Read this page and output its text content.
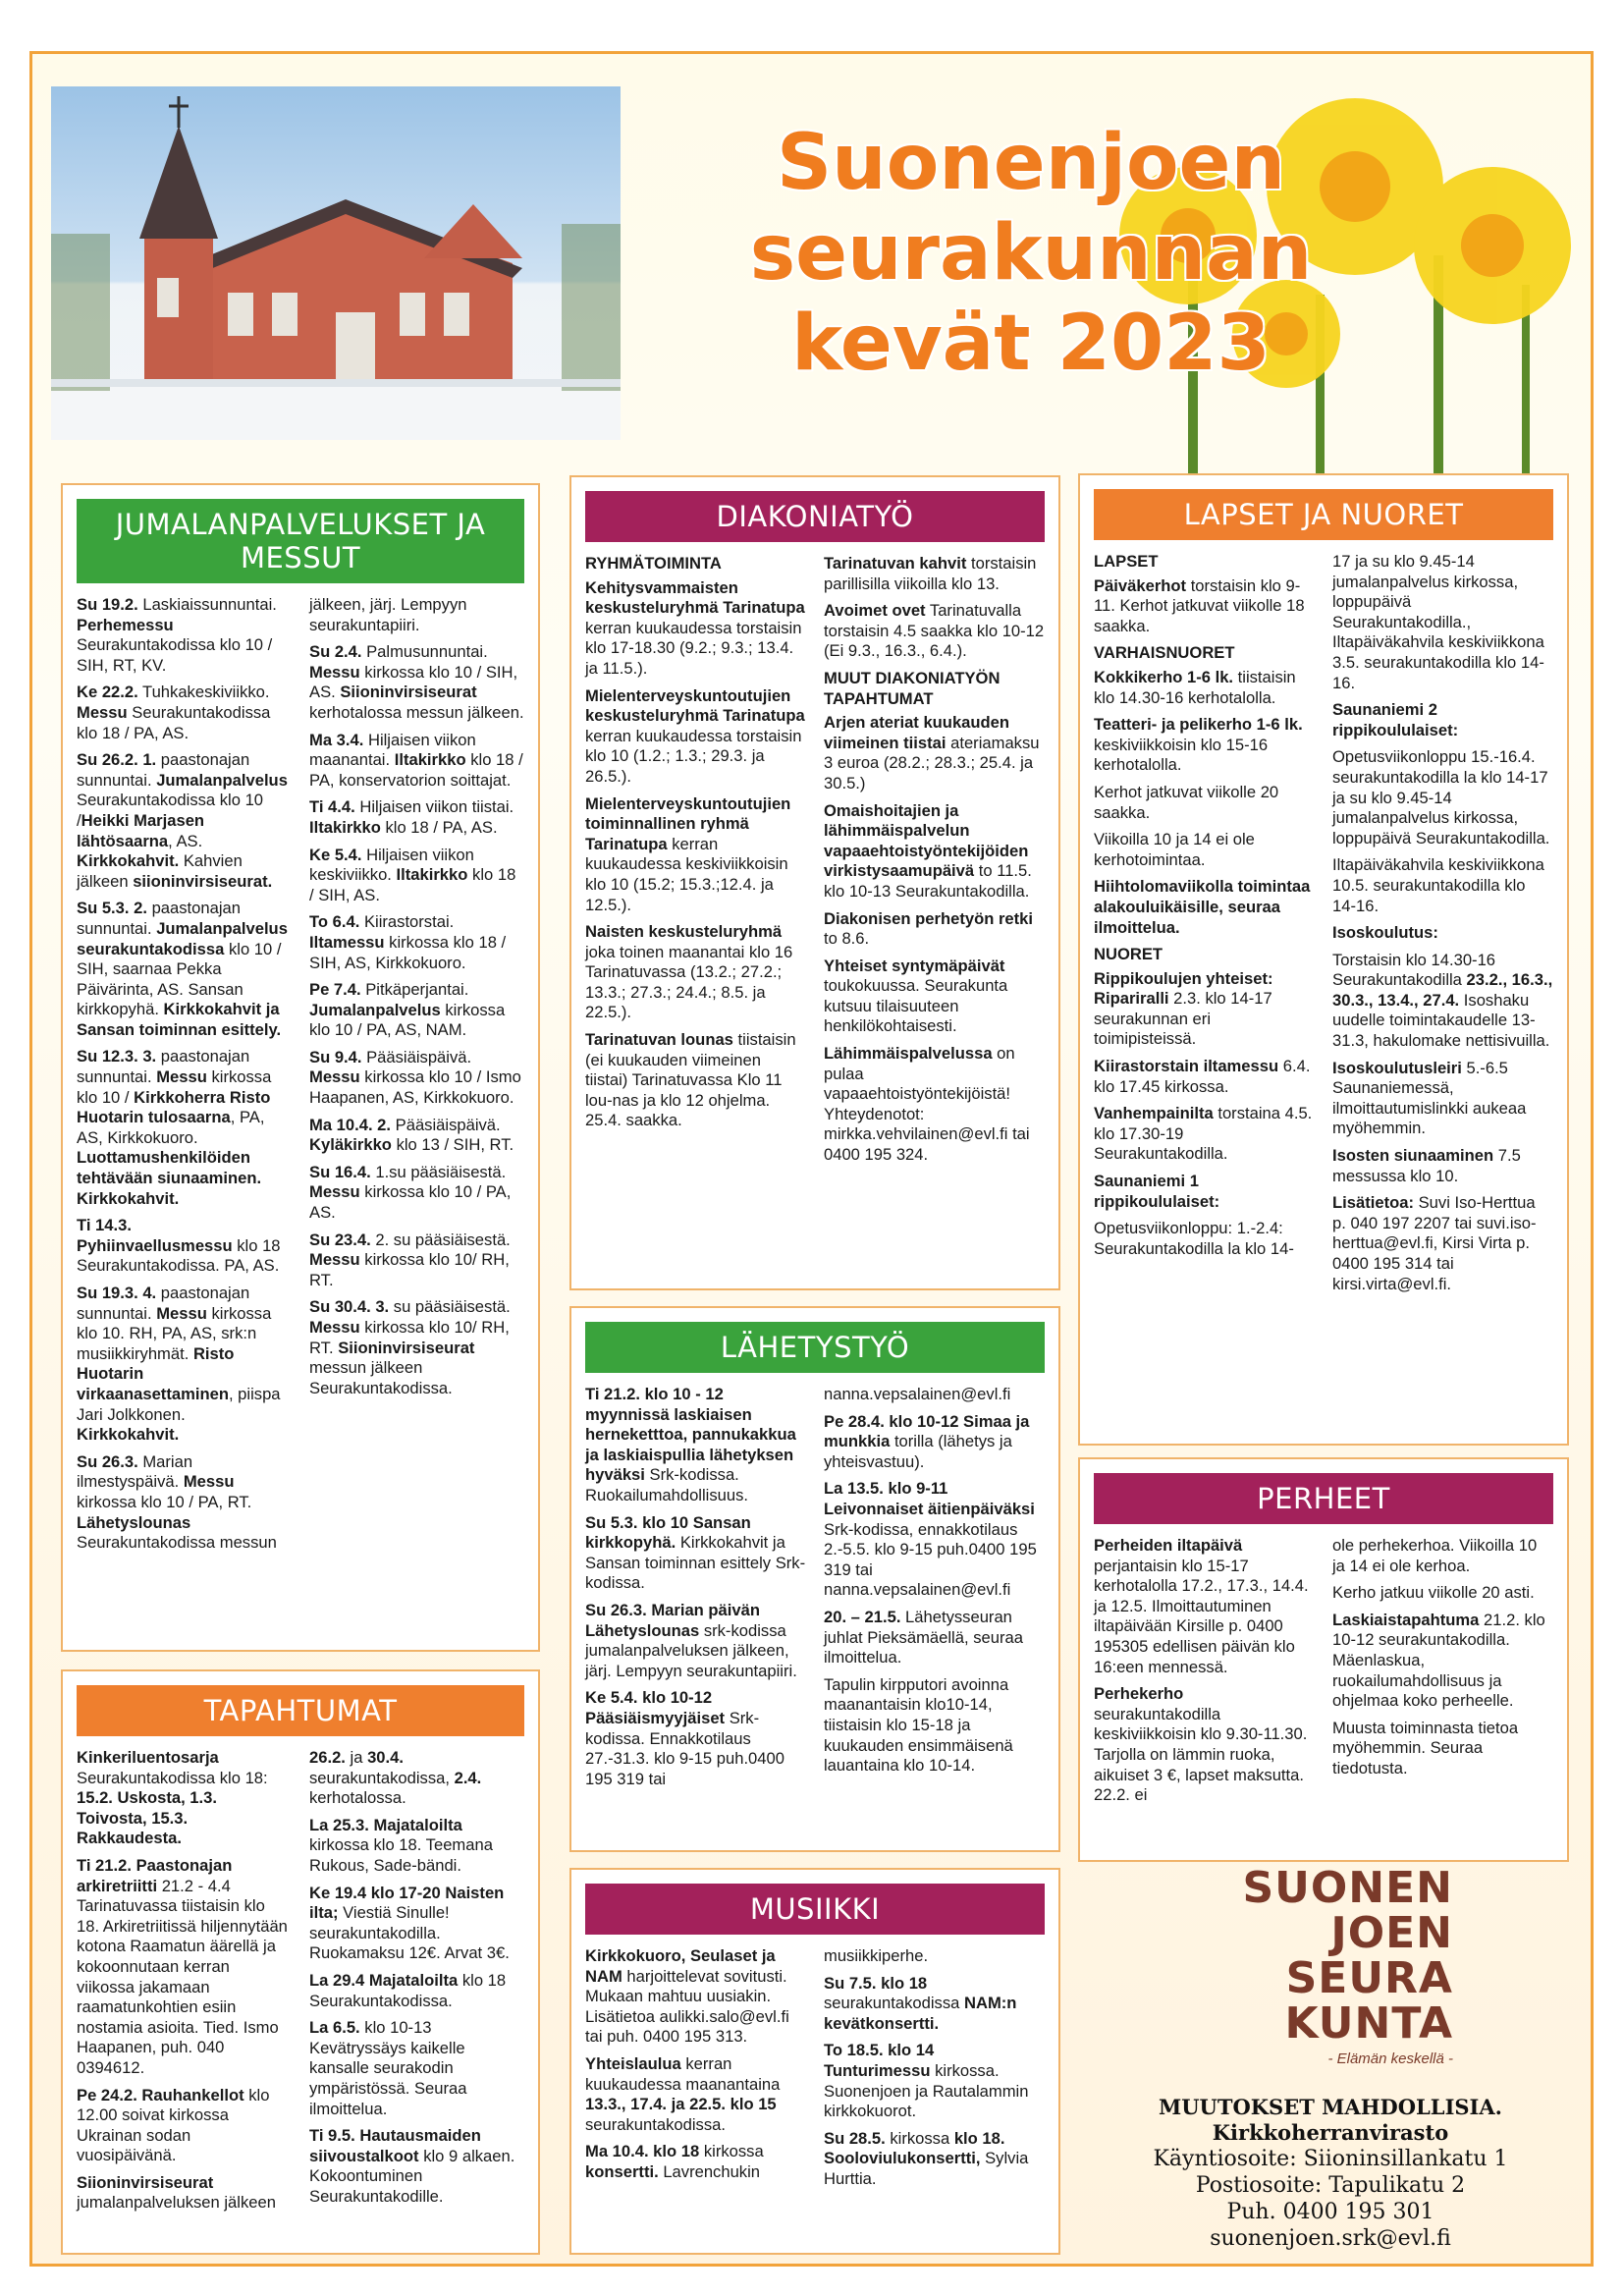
Suonenjoen
seurakunnan
kevät 2023
JUMALANPALVELUKSET JA MESSUT

Su 19.2. Laskiaissunnuntai. Perhemessu Seurakuntakodissa klo 10 / SIH, RT, KV.

Ke 22.2. Tuhkakeskiviikko. Messu Seurakuntakodissa klo 18 / PA, AS.

Su 26.2. 1. paastonajan sunnuntai. Jumalanpalvelus Seurakuntakodissa klo 10 /Heikki Marjasen lähtösaarna, AS. Kirkkokahvit. Kahvien jälkeen siioninvirsiseurat.

Su 5.3. 2. paastonajan sunnuntai. Jumalanpalvelus seurakuntakodissa klo 10 / SIH, saarnaa Pekka Päivärinta, AS. Sansan kirkkopyhä. Kirkkokahvit ja Sansan toiminnan esittely.

Su 12.3. 3. paastonajan sunnuntai. Messu kirkossa klo 10 / Kirkkoherra Risto Huotarin tulosaarna, PA, AS, Kirkkokuoro. Luottamushenkilöiden tehtävään siunaaminen. Kirkkokahvit.

Ti 14.3. Pyhiinvaellusmessu klo 18 Seurakuntakodissa. PA, AS.

Su 19.3. 4. paastonajan sunnuntai. Messu kirkossa klo 10. RH, PA, AS, srk:n musiikkiryhmät. Risto Huotarin virkaanasettaminen, piispa Jari Jolkkonen. Kirkkokahvit.

Su 26.3. Marian ilmestyspäivä. Messu kirkossa klo 10 / PA, RT. Lähetyslounas Seurakuntakodissa messun

jälkeen, järj. Lempyyn seurakuntapiiri.

Su 2.4. Palmusunnuntai. Messu kirkossa klo 10 / SIH, AS. Siioninvirsiseurat kerhotalossa messun jälkeen.

Ma 3.4. Hiljaisen viikon maanantai. Iltakirkko klo 18 / PA, konservatorion soittajat.

Ti 4.4. Hiljaisen viikon tiistai. Iltakirkko klo 18 / PA, AS.

Ke 5.4. Hiljaisen viikon keskiviikko. Iltakirkko klo 18 / SIH, AS.

To 6.4. Kiirastorstai. Iltamessu kirkossa klo 18 / SIH, AS, Kirkkokuoro.

Pe 7.4. Pitkäperjantai. Jumalanpalvelus kirkossa klo 10 / PA, AS, NAM.

Su 9.4. Pääsiäispäivä. Messu kirkossa klo 10 / Ismo Haapanen, AS, Kirkkokuoro.

Ma 10.4. 2. Pääsiäispäivä. Kyläkirkko klo 13 / SIH, RT.

Su 16.4. 1.su pääsiäisestä. Messu kirkossa klo 10 / PA, AS.

Su 23.4. 2. su pääsiäisestä. Messu kirkossa klo 10/ RH, RT.

Su 30.4. 3. su pääsiäisestä. Messu kirkossa klo 10/ RH, RT. Siioninvirsiseurat messun jälkeen Seurakuntakodissa.

TAPAHTUMAT

Kinkeriluentosarja Seurakuntakodissa klo 18: 15.2. Uskosta, 1.3. Toivosta, 15.3. Rakkaudesta.

Ti 21.2. Paastonajan arkiretriitti 21.2 - 4.4 Tarinatuvassa tiistaisin klo 18. Arkiretriitissä hiljennytään kotona Raamatun äärellä ja kokoonnutaan kerran viikossa jakamaan raamatunkohtien esiin nostamia asioita. Tied. Ismo Haapanen, puh. 040 0394612.

Pe 24.2. Rauhankellot klo 12.00 soivat kirkossa Ukrainan sodan vuosipäivänä.

Siioninvirsiseurat jumalanpalveluksen jälkeen

26.2. ja 30.4. seurakuntakodissa, 2.4. kerhotalossa.

La 25.3. Majataloilta kirkossa klo 18. Teemana Rukous, Sade-bändi.

Ke 19.4 klo 17-20 Naisten ilta; Viestiä Sinulle! seurakuntakodilla. Ruokamaksu 12€. Arvat 3€.

La 29.4 Majataloilta klo 18 Seurakuntakodissa.

La 6.5. klo 10-13 Kevätryssäys kaikelle kansalle seurakodin ympäristössä. Seuraa ilmoittelua.

Ti 9.5. Hautausmaiden siivoustalkoot klo 9 alkaen. Kokoontuminen Seurakuntakodille.

DIAKONIATYÖ

RYHMÄTOIMINTA

Kehitysvammaisten keskusteluryhmä Tarinatupa kerran kuukaudessa torstaisin klo 17-18.30 (9.2.; 9.3.; 13.4. ja 11.5.).

Mielenterveyskuntoutujien keskusteluryhmä Tarinatupa kerran kuukaudessa torstaisin klo 10 (1.2.; 1.3.; 29.3. ja 26.5.).

Mielenterveyskuntoutujien toiminnallinen ryhmä Tarinatupa kerran kuukaudessa keskiviikkoisin klo 10 (15.2; 15.3.;12.4. ja 12.5.).

Naisten keskusteluryhmä joka toinen maanantai klo 16 Tarinatuvassa (13.2.; 27.2.; 13.3.; 27.3.; 24.4.; 8.5. ja 22.5.).

Tarinatuvan lounas tiistaisin (ei kuukauden viimeinen tiistai) Tarinatuvassa Klo 11 lou-nas ja klo 12 ohjelma. 25.4. saakka.

Tarinatuvan kahvit torstaisin parillisilla viikoilla klo 13.

Avoimet ovet Tarinatuvalla torstaisin 4.5 saakka klo 10-12 (Ei 9.3., 16.3., 6.4.).

MUUT DIAKONIATYÖN TAPAHTUMAT

Arjen ateriat kuukauden viimeinen tiistai ateriamaksu 3 euroa (28.2.; 28.3.; 25.4. ja 30.5.)

Omaishoitajien ja lähimmäispalvelun vapaaehtoistyöntekijöiden virkistysaamupäivä to 11.5. klo 10-13 Seurakuntakodilla.

Diakonisen perhetyön retki to 8.6.

Yhteiset syntymäpäivät toukokuussa. Seurakunta kutsuu tilaisuuteen henkilökohtaisesti.

Lähimmäispalvelussa on pulaa vapaaehtoistyöntekijöistä! Yhteydenotot: mirkka.vehvilainen@evl.fi tai 0400 195 324.

LÄHETYSTYÖ

Ti 21.2. klo 10 - 12 myynnissä laskiaisen herneketttoa, pannukakkua ja laskiaispullia lähetyksen hyväksi Srk-kodissa. Ruokailumahdollisuus.

Su 5.3. klo 10 Sansan kirkkopyhä. Kirkkokahvit ja Sansan toiminnan esittely Srk-kodissa.

Su 26.3. Marian päivän Lähetyslounas srk-kodissa jumalanpalveluksen jälkeen, järj. Lempyyn seurakuntapiiri.

Ke 5.4. klo 10-12 Pääsiäismyyjäiset Srk-kodissa. Ennakkotilaus 27.-31.3. klo 9-15 puh.0400 195 319 tai

nanna.vepsalainen@evl.fi

Pe 28.4. klo 10-12 Simaa ja munkkia torilla (lähetys ja yhteisvastuu).

La 13.5. klo 9-11 Leivonnaiset äitienpäiväksi Srk-kodissa, ennakkotilaus 2.-5.5. klo 9-15 puh.0400 195 319 tai nanna.vepsalainen@evl.fi

20. – 21.5. Lähetysseuran juhlat Pieksämäellä, seuraa ilmoittelua.

Tapulin kirpputori avoinna maanantaisin klo10-14, tiistaisin klo 15-18 ja kuukauden ensimmäisenä lauantaina klo 10-14.

MUSIIKKI

Kirkkokuoro, Seulaset ja NAM harjoittelevat sovitusti. Mukaan mahtuu uusiakin. Lisätietoa aulikki.salo@evl.fi tai puh. 0400 195 313.

Yhteislaulua kerran kuukaudessa maanantaina 13.3., 17.4. ja 22.5. klo 15 seurakuntakodissa.

Ma 10.4. klo 18 kirkossa konsertti. Lavrenchukin

musiikkiperhe.

Su 7.5. klo 18 seurakuntakodissa NAM:n kevätkonsertti.

To 18.5. klo 14 Tunturimessu kirkossa. Suonenjoen ja Rautalammin kirkkokuorot.

Su 28.5. kirkossa klo 18. Sooloviulukonsertti, Sylvia Hurttia.

LAPSET JA NUORET

LAPSET

Päiväkerhot torstaisin klo 9-11. Kerhot jatkuvat viikolle 18 saakka.

VARHAISNUORET

Kokkikerho 1-6 lk. tiistaisin klo 14.30-16 kerhotalolla.

Teatteri- ja pelikerho 1-6 lk. keskiviikkoisin klo 15-16 kerhotalolla.

Kerhot jatkuvat viikolle 20 saakka.

Viikoilla 10 ja 14 ei ole kerhotoimintaa.

Hiihtolomaviikolla toimintaa alakouluikäisille, seuraa ilmoittelua.

NUORET

Rippikoulujen yhteiset: Ripariralli 2.3. klo 14-17 seurakunnan eri toimipisteissä.

Kiirastorstain iltamessu 6.4. klo 17.45 kirkossa.

Vanhempainilta torstaina 4.5. klo 17.30-19 Seurakuntakodilla.

Saunaniemi 1 rippikoululaiset:

Opetusviikonloppu: 1.-2.4: Seurakuntakodilla la klo 14-

17 ja su klo 9.45-14 jumalanpalvelus kirkossa, loppupäivä Seurakuntakodilla., Iltapäiväkahvila keskiviikkona 3.5. seurakuntakodilla klo 14-16.

Saunaniemi 2 rippikoululaiset:

Opetusviikonloppu 15.-16.4. seurakuntakodilla la klo 14-17 ja su klo 9.45-14 jumalanpalvelus kirkossa, loppupäivä Seurakuntakodilla.

Iltapäiväkahvila keskiviikkona 10.5. seurakuntakodilla klo 14-16.

Isoskoulutus:

Torstaisin klo 14.30-16 Seurakuntakodilla 23.2., 16.3., 30.3., 13.4., 27.4. Isoshaku uudelle toimintakaudelle 13-31.3, hakulomake nettisivuilla.

Isoskoulutusleiri 5.-6.5 Saunaniemessä, ilmoittautumislinkki aukeaa myöhemmin.

Isosten siunaaminen 7.5 messussa klo 10.

Lisätietoa: Suvi Iso-Herttua p. 040 197 2207 tai suvi.iso-herttua@evl.fi, Kirsi Virta p. 0400 195 314 tai kirsi.virta@evl.fi.

PERHEET

Perheiden iltapäivä perjantaisin klo 15-17 kerhotalolla 17.2., 17.3., 14.4. ja 12.5. Ilmoittautuminen iltapäivään Kirsille p. 0400 195305 edellisen päivän klo 16:een mennessä.

Perhekerho seurakuntakodilla keskiviikkoisin klo 9.30-11.30. Tarjolla on lämmin ruoka, aikuiset 3 €, lapset maksutta. 22.2. ei

ole perhekerhoa. Viikoilla 10 ja 14 ei ole kerhoa.

Kerho jatkuu viikolle 20 asti.

Laskiaistapahtuma 21.2. klo 10-12 seurakuntakodilla. Mäenlaskua, ruokailumahdollisuus ja ohjelmaa koko perheelle.

Muusta toiminnasta tietoa myöhemmin. Seuraa tiedotusta.

SUONEN
JOEN
SEURA
KUNTA
- Elämän keskellä -
MUUTOKSET MAHDOLLISIA.
Kirkkoherranvirasto
Käyntiosoite: Siioninsillankatu 1
Postiosoite: Tapulikatu 2
Puh. 0400 195 301
suonenjoen.srk@evl.fi
